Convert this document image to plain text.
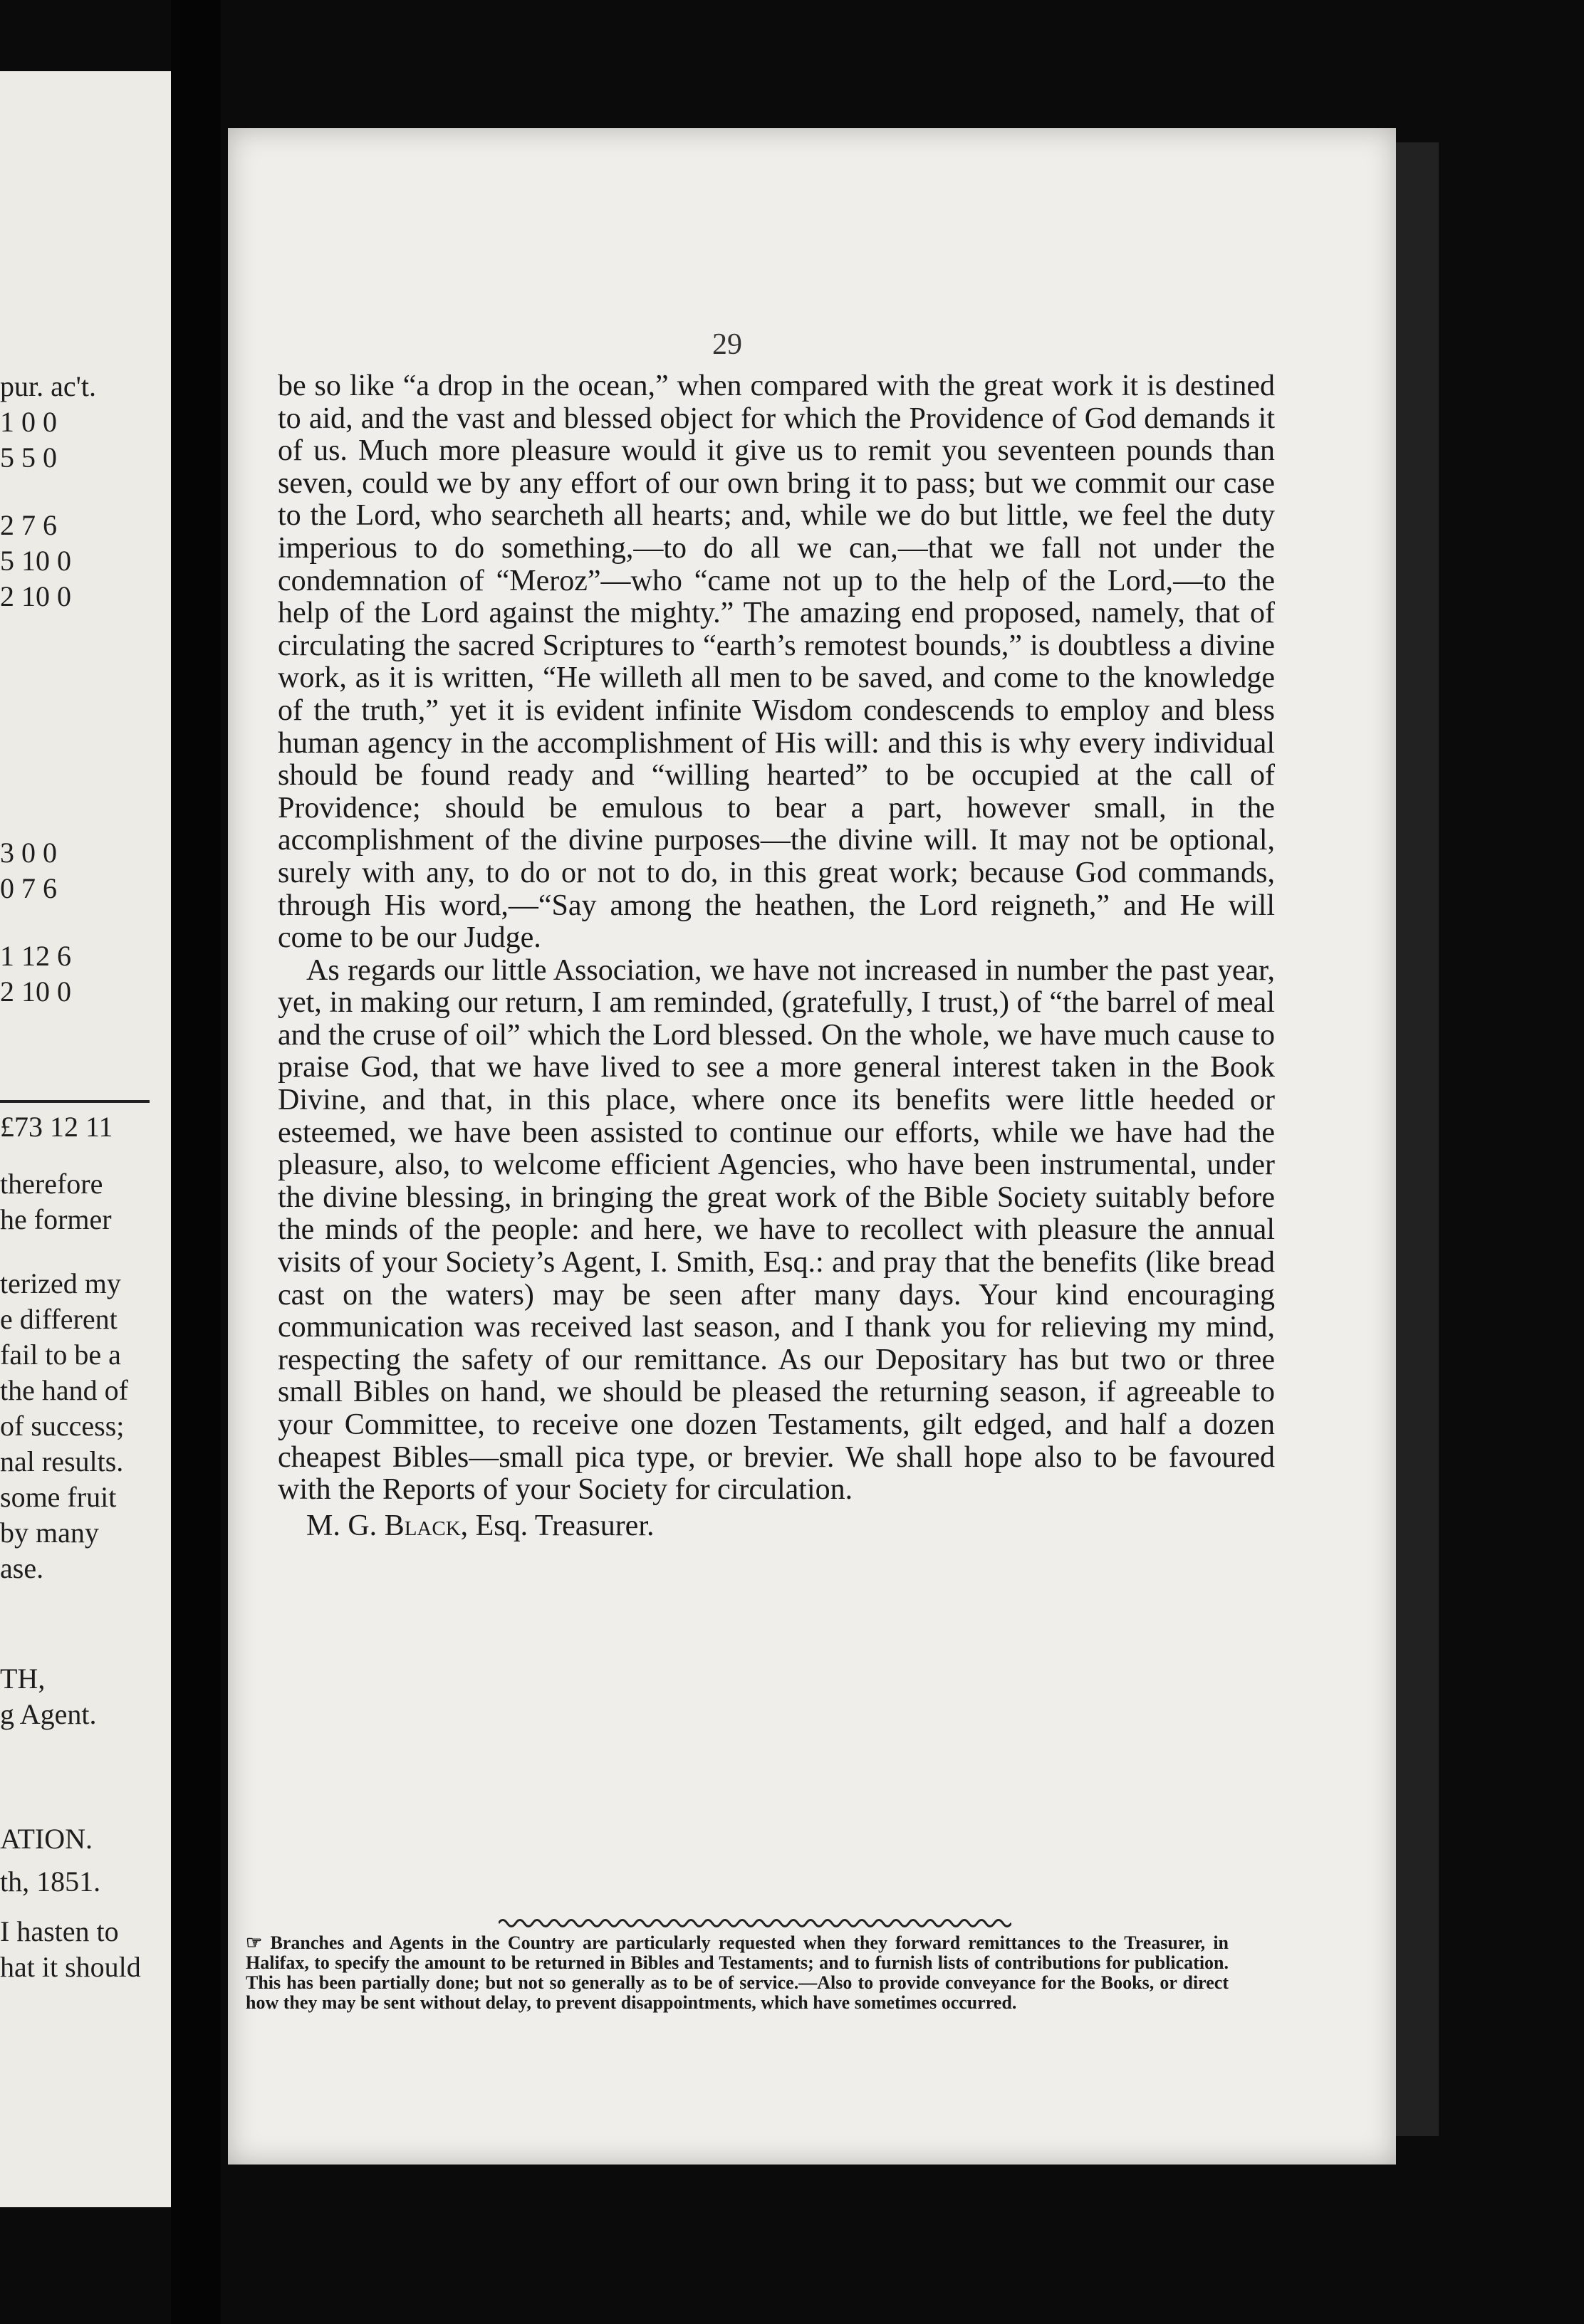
pur. ac't.
1 0 0
5 5 0
2 7 6
5 10 0
2 10 0
3 0 0
0 7 6
1 12 6
2 10 0
£73 12 11
therefore
he former
terized my
e different
fail to be a
the hand of
of success;
nal results.
some fruit
by many
ase.
TH,
g Agent.
ATION.
th, 1851.
I hasten to
hat it should
29

be so like “a drop in the ocean,” when compared with the great work it is destined to aid, and the vast and blessed object for which the Providence of God demands it of us. Much more pleasure would it give us to remit you seventeen pounds than seven, could we by any effort of our own bring it to pass; but we commit our case to the Lord, who searcheth all hearts; and, while we do but little, we feel the duty imperious to do something,—to do all we can,—that we fall not under the condemnation of “Meroz”—who “came not up to the help of the Lord,—to the help of the Lord against the mighty.” The amazing end proposed, namely, that of circulating the sacred Scriptures to “earth’s remotest bounds,” is doubtless a divine work, as it is written, “He willeth all men to be saved, and come to the knowledge of the truth,” yet it is evident infinite Wisdom condescends to employ and bless human agency in the accomplishment of His will: and this is why every individual should be found ready and “willing hearted” to be occupied at the call of Providence; should be emulous to bear a part, however small, in the accomplishment of the divine purposes—the divine will. It may not be optional, surely with any, to do or not to do, in this great work; because God commands, through His word,—“Say among the heathen, the Lord reigneth,” and He will come to be our Judge.

As regards our little Association, we have not increased in number the past year, yet, in making our return, I am reminded, (gratefully, I trust,) of “the barrel of meal and the cruse of oil” which the Lord blessed. On the whole, we have much cause to praise God, that we have lived to see a more general interest taken in the Book Divine, and that, in this place, where once its benefits were little heeded or esteemed, we have been assisted to continue our efforts, while we have had the pleasure, also, to welcome efficient Agencies, who have been instrumental, under the divine blessing, in bringing the great work of the Bible Society suitably before the minds of the people: and here, we have to recollect with pleasure the annual visits of your Society’s Agent, I. Smith, Esq.: and pray that the benefits (like bread cast on the waters) may be seen after many days. Your kind encouraging communication was received last season, and I thank you for relieving my mind, respecting the safety of our remittance. As our Depositary has but two or three small Bibles on hand, we should be pleased the returning season, if agreeable to your Committee, to receive one dozen Testaments, gilt edged, and half a dozen cheapest Bibles—small pica type, or brevier. We shall hope also to be favoured with the Reports of your Society for circulation.

M. G. Black, Esq. Treasurer.

☞ Branches and Agents in the Country are particularly requested when they forward remittances to the Treasurer, in Halifax, to specify the amount to be returned in Bibles and Testaments; and to furnish lists of contributions for publication. This has been partially done; but not so generally as to be of service.—Also to provide conveyance for the Books, or direct how they may be sent without delay, to prevent disappointments, which have sometimes occurred.
